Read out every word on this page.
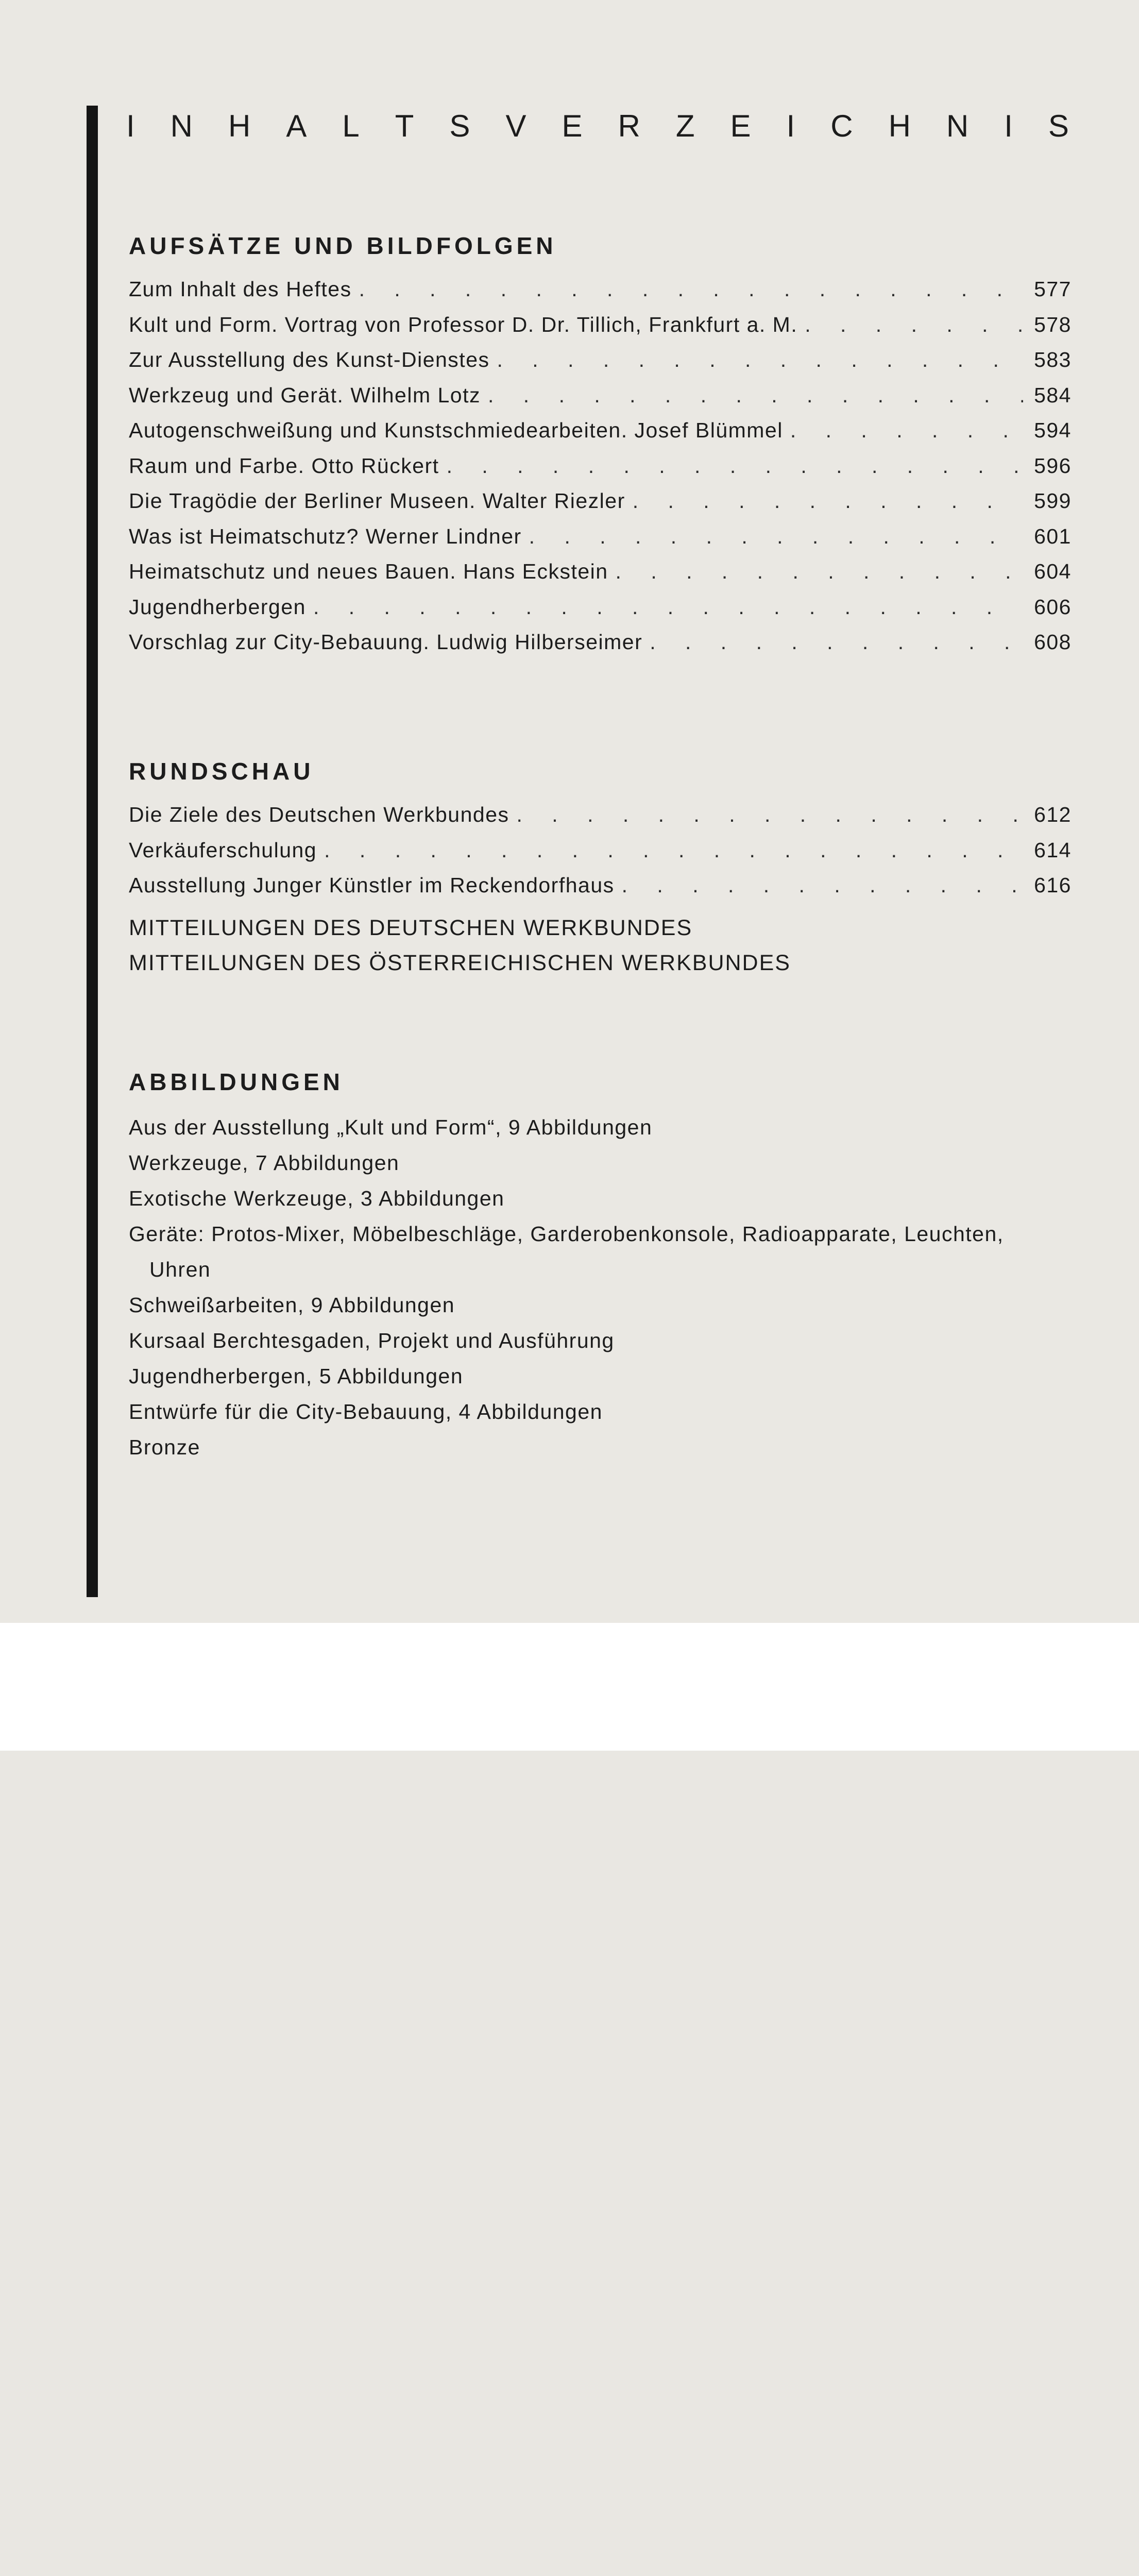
I N H A L T S V E R Z E I C H N I S
AUFSÄTZE UND BILDFOLGEN
Zum Inhalt des Heftes . . .	577
Kult und Form. Vortrag von Professor D. Dr. Tillich, Frankfurt a. M. . . .	578
Zur Ausstellung des Kunst-Dienstes . . .	583
Werkzeug und Gerät. Wilhelm Lotz . . .	584
Autogenschweißung und Kunstschmiedearbeiten. Josef Blümmel . . .	594
Raum und Farbe. Otto Rückert . . .	596
Die Tragödie der Berliner Museen. Walter Riezler . . .	599
Was ist Heimatschutz? Werner Lindner . . .	601
Heimatschutz und neues Bauen. Hans Eckstein . . .	604
Jugendherbergen . . .	606
Vorschlag zur City-Bebauung. Ludwig Hilberseimer . . .	608
RUNDSCHAU
Die Ziele des Deutschen Werkbundes . . .	612
Verkäuferschulung . . .	614
Ausstellung Junger Künstler im Reckendorfhaus . . .	616

MITTEILUNGEN DES DEUTSCHEN WERKBUNDES

MITTEILUNGEN DES ÖSTERREICHISCHEN WERKBUNDES

ABBILDUNGEN

Aus der Ausstellung „Kult und Form“, 9 Abbildungen

Werkzeuge, 7 Abbildungen

Exotische Werkzeuge, 3 Abbildungen

Geräte: Protos-Mixer, Möbelbeschläge, Garderobenkonsole, Radioapparate, Leuchten,

Uhren

Schweißarbeiten, 9 Abbildungen

Kursaal Berchtesgaden, Projekt und Ausführung

Jugendherbergen, 5 Abbildungen

Entwürfe für die City-Bebauung, 4 Abbildungen

Bronze
